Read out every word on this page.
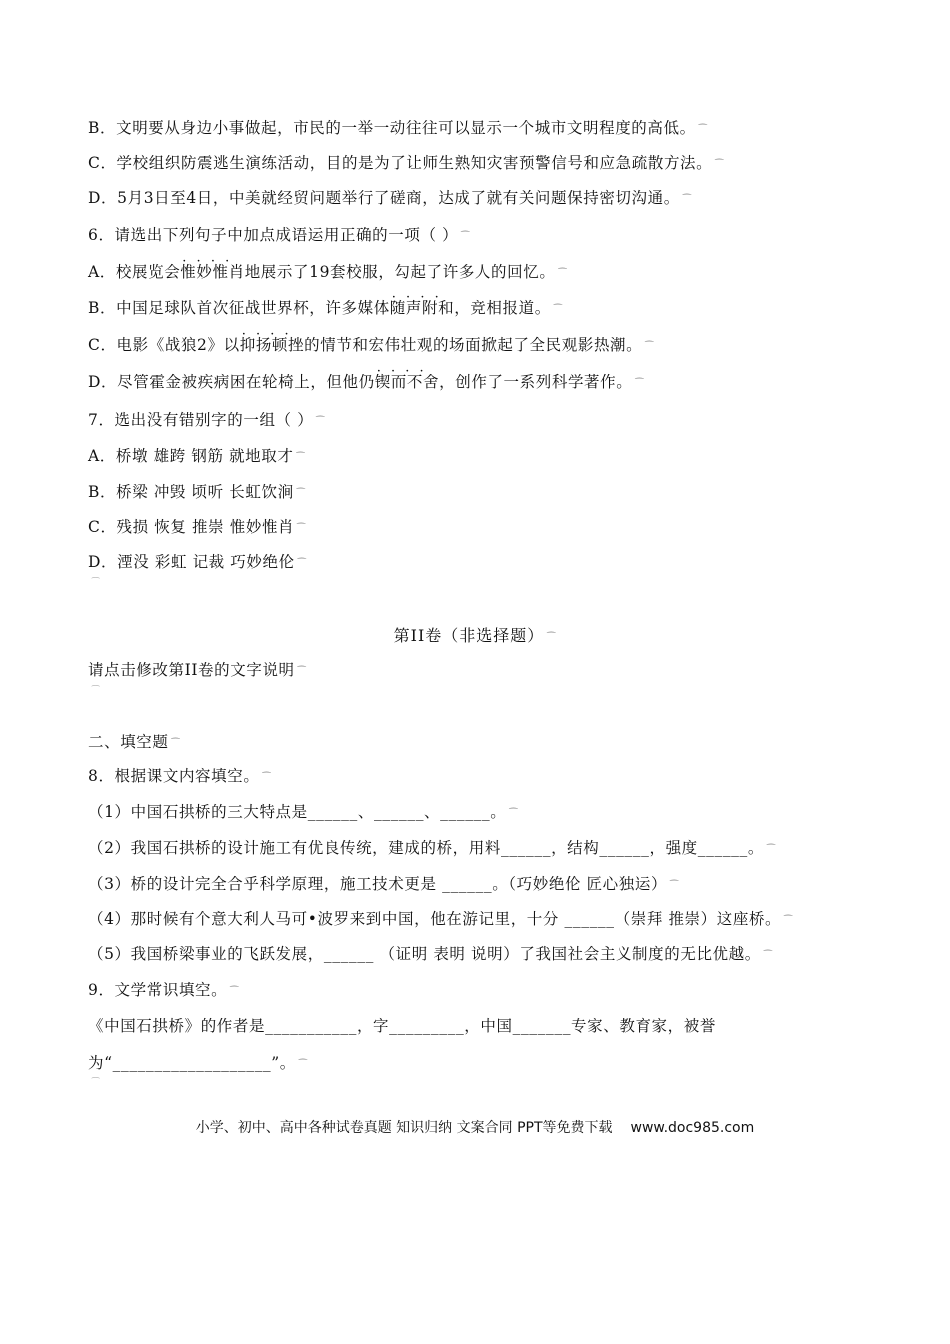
B．文明要从身边小事做起，市民的一举一动往往可以显示一个城市文明程度的高低。 ⁀
C．学校组织防震逃生演练活动，目的是为了让师生熟知灾害预警信号和应急疏散方法。 ⁀
D．5月3日至4日，中美就经贸问题举行了磋商，达成了就有关问题保持密切沟通。 ⁀
6．请选出下列句子中加点成语运用正确的一项（ ） ⁀
A．校展览会· · · · 惟妙惟肖地展示了19套校服，勾起了许多人的回忆。 ⁀
B．中国足球队首次征战世界杯，许多媒体· · · · 随声附和，竞相报道。 ⁀
C．电影《战狼2》以· · · · 抑扬顿挫的情节和宏伟壮观的场面掀起了全民观影热潮。 ⁀
D．尽管霍金被疾病困在轮椅上，但他仍· · · · 锲而不舍，创作了一系列科学著作。 ⁀
7．选出没有错别字的一组（ ） ⁀
A．桥墩 雄跨 钢筋 就地取才 ⁀
B．桥梁 冲毁 顷听 长虹饮涧 ⁀
C．残损 恢复 推崇 惟妙惟肖 ⁀
D．湮没 彩虹 记裁 巧妙绝伦 ⁀
⁀
第II卷（非选择题） ⁀
请点击修改第II卷的文字说明 ⁀
⁀
二、填空题 ⁀
8．根据课文内容填空。 ⁀
（1）中国石拱桥的三大特点是______、______、______。 ⁀
（2）我国石拱桥的设计施工有优良传统，建成的桥，用料______，结构______，强度______。 ⁀
（3）桥的设计完全合乎科学原理，施工技术更是 ______。（巧妙绝伦 匠心独运） ⁀
（4）那时候有个意大利人马可•波罗来到中国，他在游记里，十分 ______（崇拜 推崇）这座桥。 ⁀
（5）我国桥梁事业的飞跃发展，______ （证明 表明 说明）了我国社会主义制度的无比优越。 ⁀
9．文学常识填空。 ⁀
《中国石拱桥》的作者是___________，字_________，中国_______专家、教育家，被誉
为“___________________”。 ⁀
⁀
小学、初中、高中各种试卷真题 知识归纳 文案合同 PPT等免费下载 www.doc985.com
